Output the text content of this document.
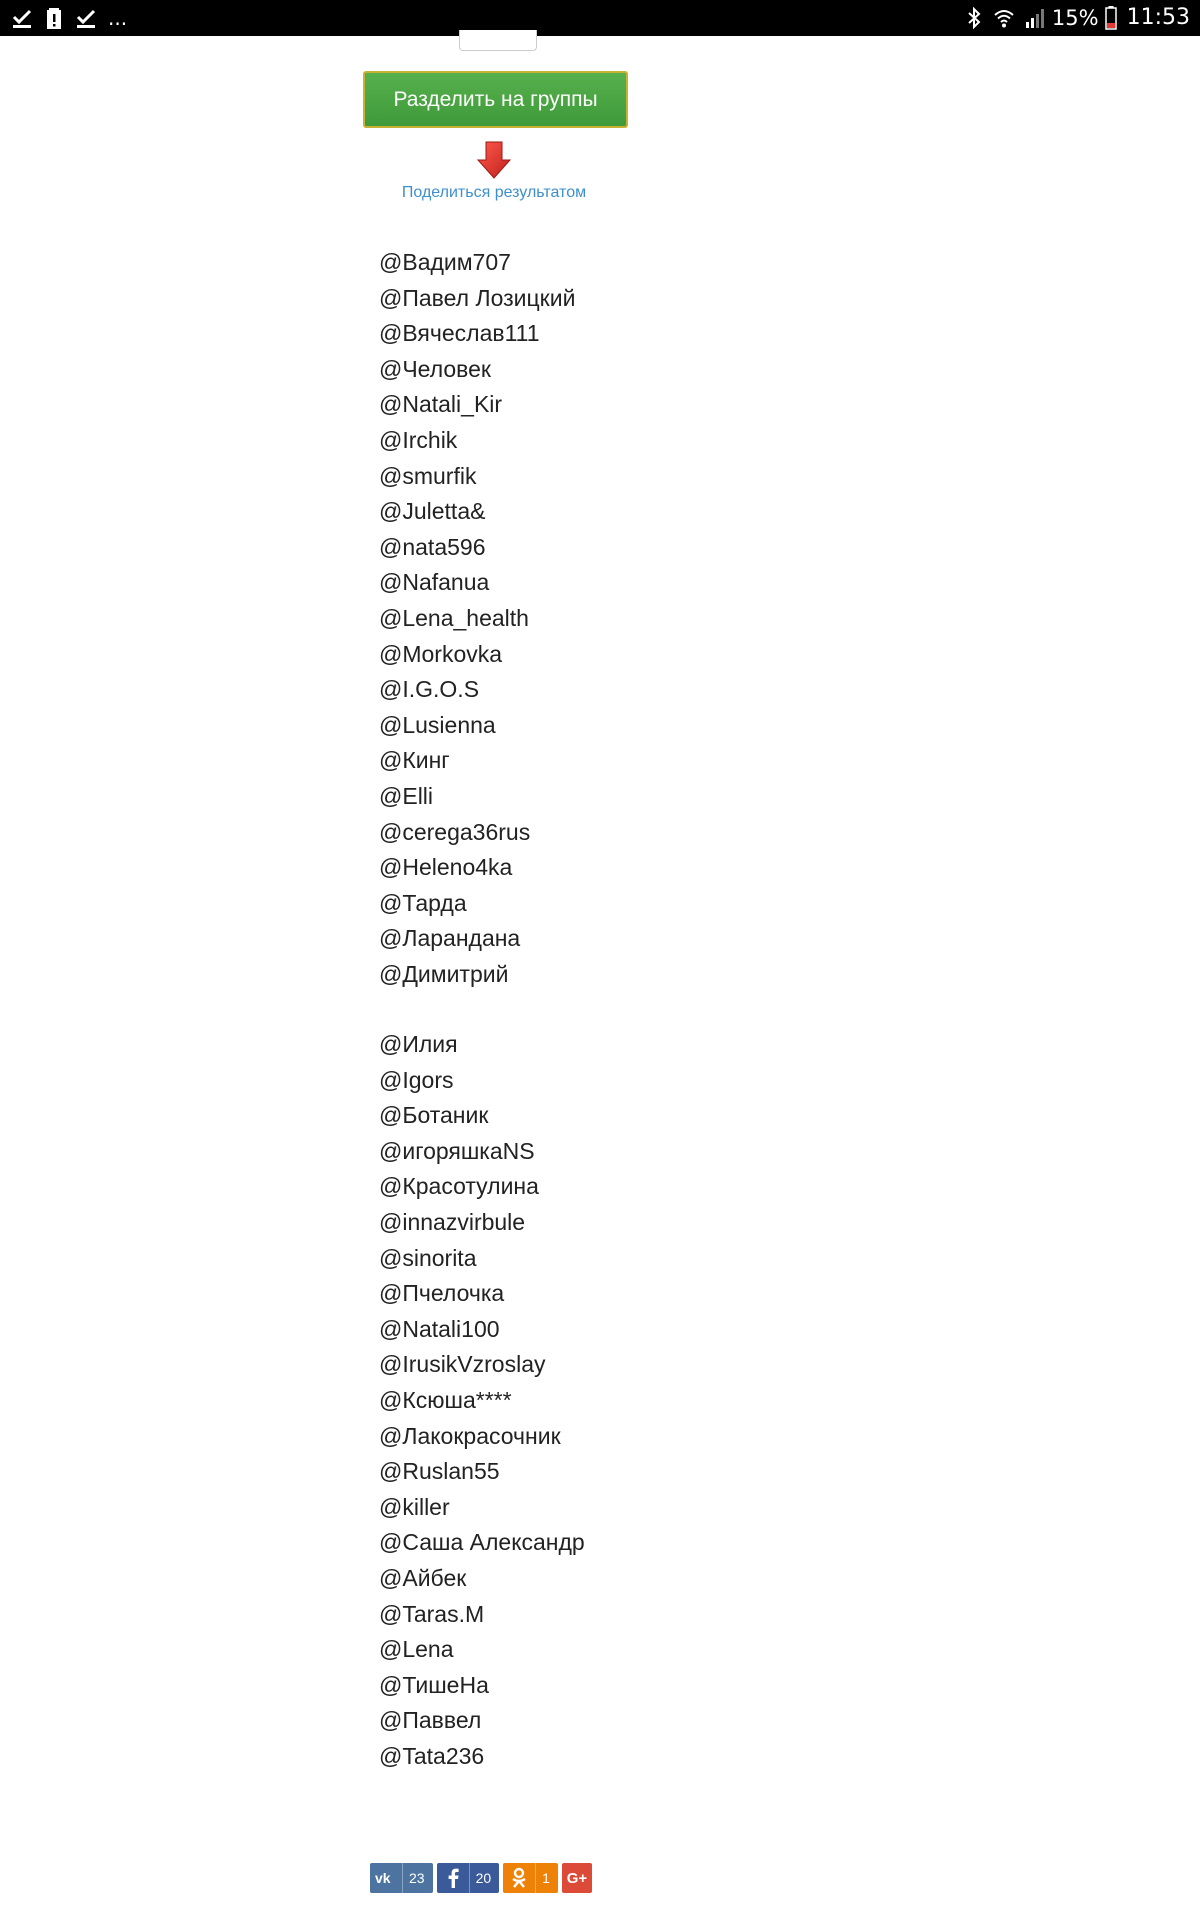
...	15% 11:53
Разделить на группы
Поделиться результатом
@Вадим707
@Павел Лозицкий
@Вячеслав111
@Человек
@Natali_Kir
@Irchik
@smurfik
@Juletta&
@nata596
@Nafanua
@Lena_health
@Morkovka
@I.G.O.S
@Lusienna
@Кинг
@Elli
@cerega36rus
@Heleno4ka
@Тарда
@Ларандана
@Димитрий
@Илия
@Igors
@Ботаник
@игоряшкаNS
@Красотулина
@innazvirbule
@sinorita
@Пчелочка
@Natali100
@IrusikVzroslay
@Ксюша****
@Лакокрасочник
@Ruslan55
@killer
@Саша Александр
@Айбек
@Taras.M
@Lena
@ТишеНа
@Паввел
@Tata236
vk	23	20	1	G+
